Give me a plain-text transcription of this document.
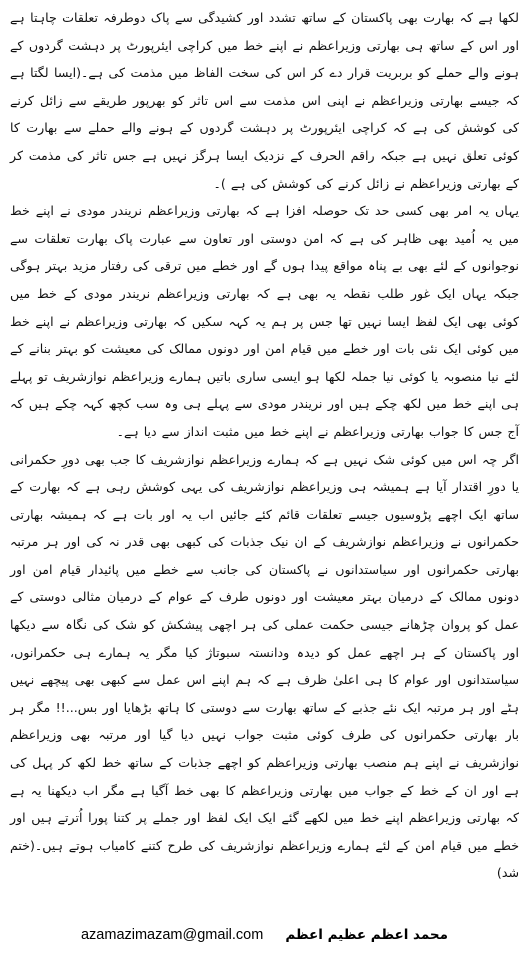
لکھا ہے کہ بھارت بھی پاکستان کے ساتھ تشدد اور کشیدگی سے پاک دوطرفہ تعلقات چاہتا ہے اور اس کے ساتھ ہی بھارتی وزیراعظم نے اپنے خط میں کراچی ایئرپورٹ پر دہشت گردوں کے ہونے والے حملے کو بربریت قرار دے کر اس کی سخت الفاظ میں مذمت کی ہے۔(ایسا لگتا ہے کہ جیسے بھارتی وزیراعظم نے اپنی اس مذمت سے اس تاثر کو بھرپور طریقے سے زائل کرنے کی کوشش کی ہے کہ کراچی ایئرپورٹ پر دہشت گردوں کے ہونے والے حملے سے بھارت کا کوئی تعلق نہیں ہے جبکہ راقم الحرف کے نزدیک ایسا ہرگز نہیں ہے جس تاثر کی مذمت کر کے بھارتی وزیراعظم نے زائل کرنے کی کوشش کی ہے )۔

یہاں یہ امر بھی کسی حد تک حوصلہ افزا ہے کہ بھارتی وزیراعظم نریندر مودی نے اپنے خط میں یہ اُمید بھی ظاہر کی ہے کہ امن دوستی اور تعاون سے عبارت پاک بھارت تعلقات سے نوجوانوں کے لئے بھی بے پناہ مواقع پیدا ہوں گے اور خطے میں ترقی کی رفتار مزید بہتر ہوگی جبکہ یہاں ایک غور طلب نقطہ یہ بھی ہے کہ بھارتی وزیراعظم نریندر مودی کے خط میں کوئی بھی ایک لفظ ایسا نہیں تھا جس پر ہم یہ کہہ سکیں کہ بھارتی وزیراعظم نے اپنے خط میں کوئی ایک نئی بات اور خطے میں قیام امن اور دونوں ممالک کی معیشت کو بہتر بنانے کے لئے نیا منصوبہ یا کوئی نیا جملہ لکھا ہو ایسی ساری باتیں ہمارے وزیراعظم نوازشریف تو پہلے ہی اپنے خط میں لکھ چکے ہیں اور نریندر مودی سے پہلے ہی وہ سب کچھ کہہ چکے ہیں کہ آج جس کا جواب بھارتی وزیراعظم نے اپنے خط میں مثبت انداز سے دیا ہے۔

اگر چہ اس میں کوئی شک نہیں ہے کہ ہمارے وزیراعظم نوازشریف کا جب بھی دورِ حکمرانی یا دورِ اقتدار آیا ہے ہمیشہ ہی وزیراعظم نوازشریف کی یہی کوشش رہی ہے کہ بھارت کے ساتھ ایک اچھے پڑوسیوں جیسے تعلقات قائم کئے جائیں اب یہ اور بات ہے کہ ہمیشہ بھارتی حکمرانوں نے وزیراعظم نوازشریف کے ان نیک جذبات کی کبھی بھی قدر نہ کی اور ہر مرتبہ بھارتی حکمرانوں اور سیاستدانوں نے پاکستان کی جانب سے خطے میں پائیدار قیام امن اور دونوں ممالک کے درمیان بہتر معیشت اور دونوں طرف کے عوام کے درمیان مثالی دوستی کے عمل کو پروان چڑھانے جیسی حکمت عملی کی ہر اچھی پیشکش کو شک کی نگاہ سے دیکھا اور پاکستان کے ہر اچھے عمل کو دیدہ ودانستہ سبوتاژ کیا مگر یہ ہمارے ہی حکمرانوں، سیاستدانوں اور عوام کا ہی اعلیٰ ظرف ہے کہ ہم اپنے اس عمل سے کبھی بھی پیچھے نہیں ہٹے اور ہر مرتبہ ایک نئے جذبے کے ساتھ بھارت سے دوستی کا ہاتھ بڑھایا اور بس...!! مگر ہر بار بھارتی حکمرانوں کی طرف کوئی مثبت جواب نہیں دیا گیا اور مرتبہ بھی وزیراعظم نوازشریف نے اپنے ہم منصب بھارتی وزیراعظم کو اچھے جذبات کے ساتھ خط لکھ کر پہل کی ہے اور ان کے خط کے جواب میں بھارتی وزیراعظم کا بھی خط آگیا ہے مگر اب دیکھنا یہ ہے کہ بھارتی وزیراعظم اپنے خط میں لکھے گئے ایک ایک لفظ اور جملے پر کتنا پورا اُترتے ہیں اور خطے میں قیام امن کے لئے ہمارے وزیراعظم نوازشریف کی طرح کتنے کامیاب ہوتے ہیں۔(ختم شد)

azamazimazam@gmail.com محمد اعظم عظیم اعظم
